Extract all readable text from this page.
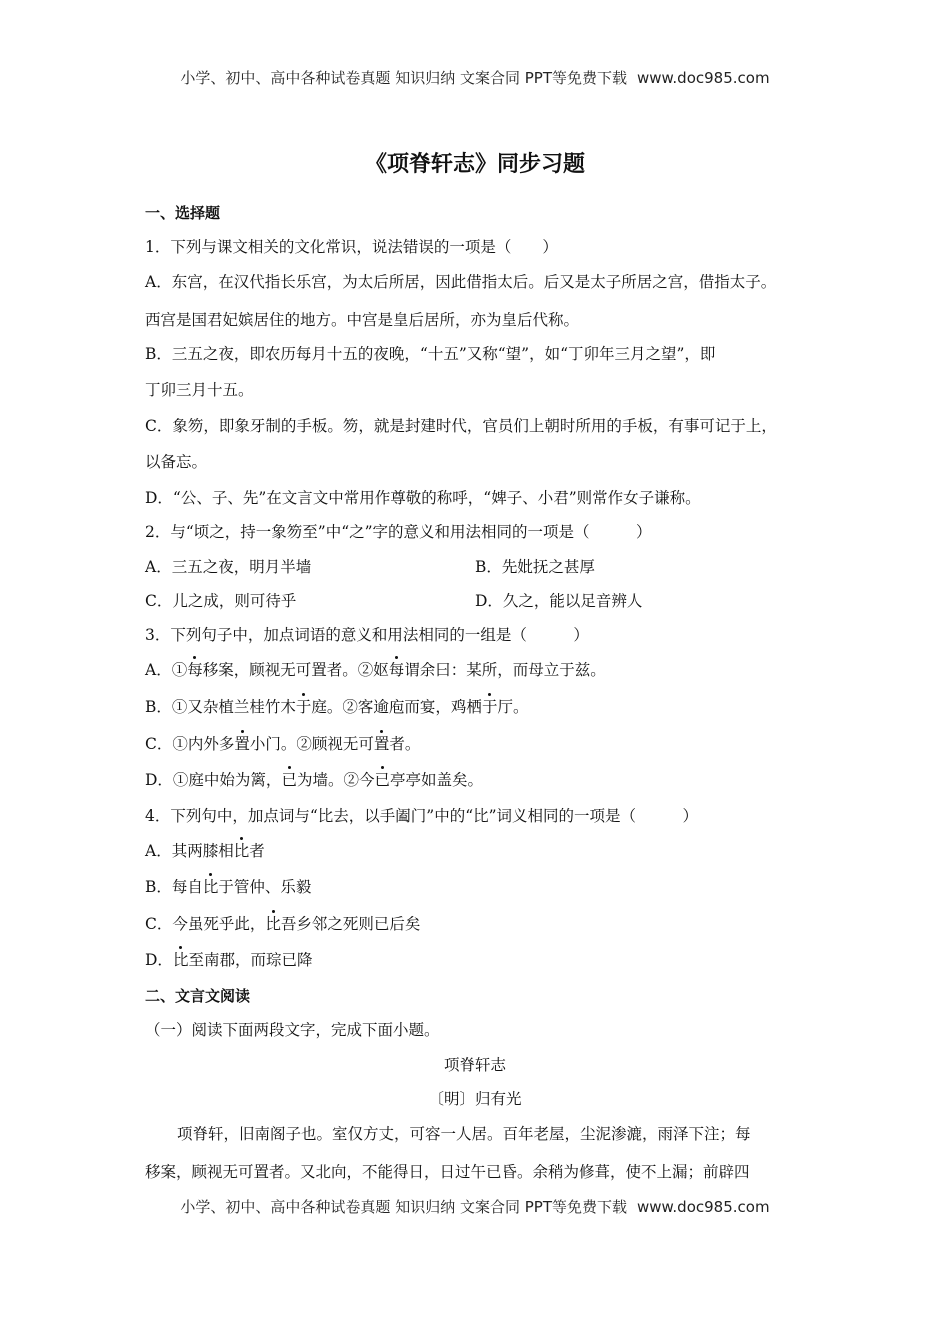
小学、初中、高中各种试卷真题 知识归纳 文案合同 PPT等免费下载 www.doc985.com
《项脊轩志》同步习题
一、选择题
1．下列与课文相关的文化常识，说法错误的一项是（　　）
A．东宫，在汉代指长乐宫，为太后所居，因此借指太后。后又是太子所居之宫，借指太子。
西宫是国君妃嫔居住的地方。中宫是皇后居所，亦为皇后代称。
B．三五之夜，即农历每月十五的夜晚，“十五”又称“望”，如“丁卯年三月之望”，即
丁卯三月十五。
C．象笏，即象牙制的手板。笏，就是封建时代，官员们上朝时所用的手板，有事可记于上，
以备忘。
D．“公、子、先”在文言文中常用作尊敬的称呼，“婢子、小君”则常作女子谦称。
2．与“顷之，持一象笏至”中“之”字的意义和用法相同的一项是（　　　）
A．三五之夜，明月半墙	B．先妣抚之甚厚
C．儿之成，则可待乎	D．久之，能以足音辨人
3．下列句子中，加点词语的意义和用法相同的一组是（　　　）
A．①每移案，顾视无可置者。②妪每谓余曰：某所，而母立于兹。
B．①又杂植兰桂竹木于庭。②客逾庖而宴，鸡栖于厅。
C．①内外多置小门。②顾视无可置者。
D．①庭中始为篱，已为墙。②今已亭亭如盖矣。
4．下列句中，加点词与“比去，以手阖门”中的“比”词义相同的一项是（　　　）
A．其两膝相比者
B．每自比于管仲、乐毅
C．今虽死乎此，比吾乡邻之死则已后矣
D．比至南郡，而琮已降
二、文言文阅读
（一）阅读下面两段文字，完成下面小题。
项脊轩志
〔明〕归有光
项脊轩，旧南阁子也。室仅方丈，可容一人居。百年老屋，尘泥渗漉，雨泽下注；每
移案，顾视无可置者。又北向，不能得日，日过午已昏。余稍为修葺，使不上漏；前辟四
小学、初中、高中各种试卷真题 知识归纳 文案合同 PPT等免费下载 www.doc985.com
